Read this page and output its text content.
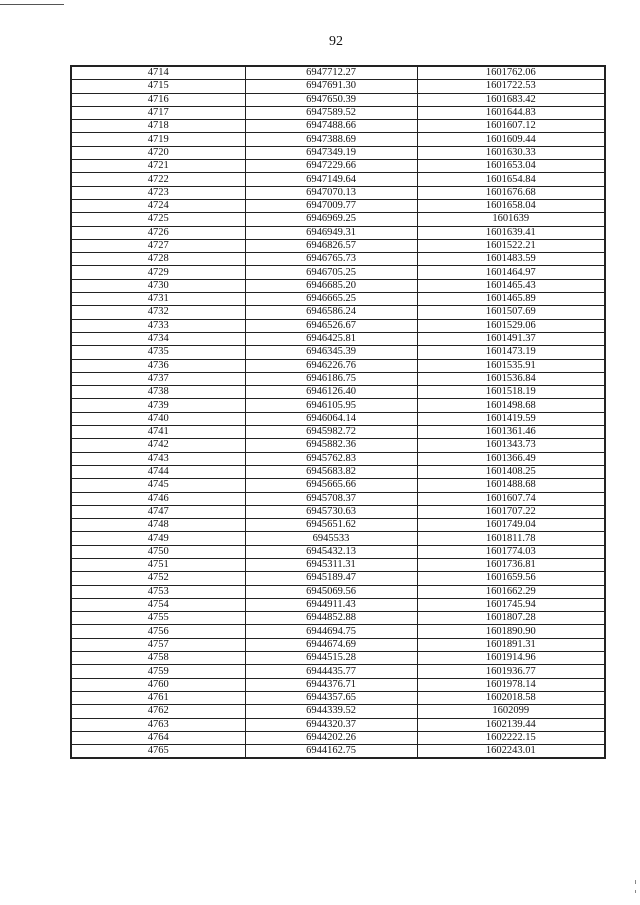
92
4714	6947712.27	1601762.06
4715	6947691.30	1601722.53
4716	6947650.39	1601683.42
4717	6947589.52	1601644.83
4718	6947488.66	1601607.12
4719	6947388.69	1601609.44
4720	6947349.19	1601630.33
4721	6947229.66	1601653.04
4722	6947149.64	1601654.84
4723	6947070.13	1601676.68
4724	6947009.77	1601658.04
4725	6946969.25	1601639
4726	6946949.31	1601639.41
4727	6946826.57	1601522.21
4728	6946765.73	1601483.59
4729	6946705.25	1601464.97
4730	6946685.20	1601465.43
4731	6946665.25	1601465.89
4732	6946586.24	1601507.69
4733	6946526.67	1601529.06
4734	6946425.81	1601491.37
4735	6946345.39	1601473.19
4736	6946226.76	1601535.91
4737	6946186.75	1601536.84
4738	6946126.40	1601518.19
4739	6946105.95	1601498.68
4740	6946064.14	1601419.59
4741	6945982.72	1601361.46
4742	6945882.36	1601343.73
4743	6945762.83	1601366.49
4744	6945683.82	1601408.25
4745	6945665.66	1601488.68
4746	6945708.37	1601607.74
4747	6945730.63	1601707.22
4748	6945651.62	1601749.04
4749	6945533	1601811.78
4750	6945432.13	1601774.03
4751	6945311.31	1601736.81
4752	6945189.47	1601659.56
4753	6945069.56	1601662.29
4754	6944911.43	1601745.94
4755	6944852.88	1601807.28
4756	6944694.75	1601890.90
4757	6944674.69	1601891.31
4758	6944515.28	1601914.96
4759	6944435.77	1601936.77
4760	6944376.71	1601978.14
4761	6944357.65	1602018.58
4762	6944339.52	1602099
4763	6944320.37	1602139.44
4764	6944202.26	1602222.15
4765	6944162.75	1602243.01
